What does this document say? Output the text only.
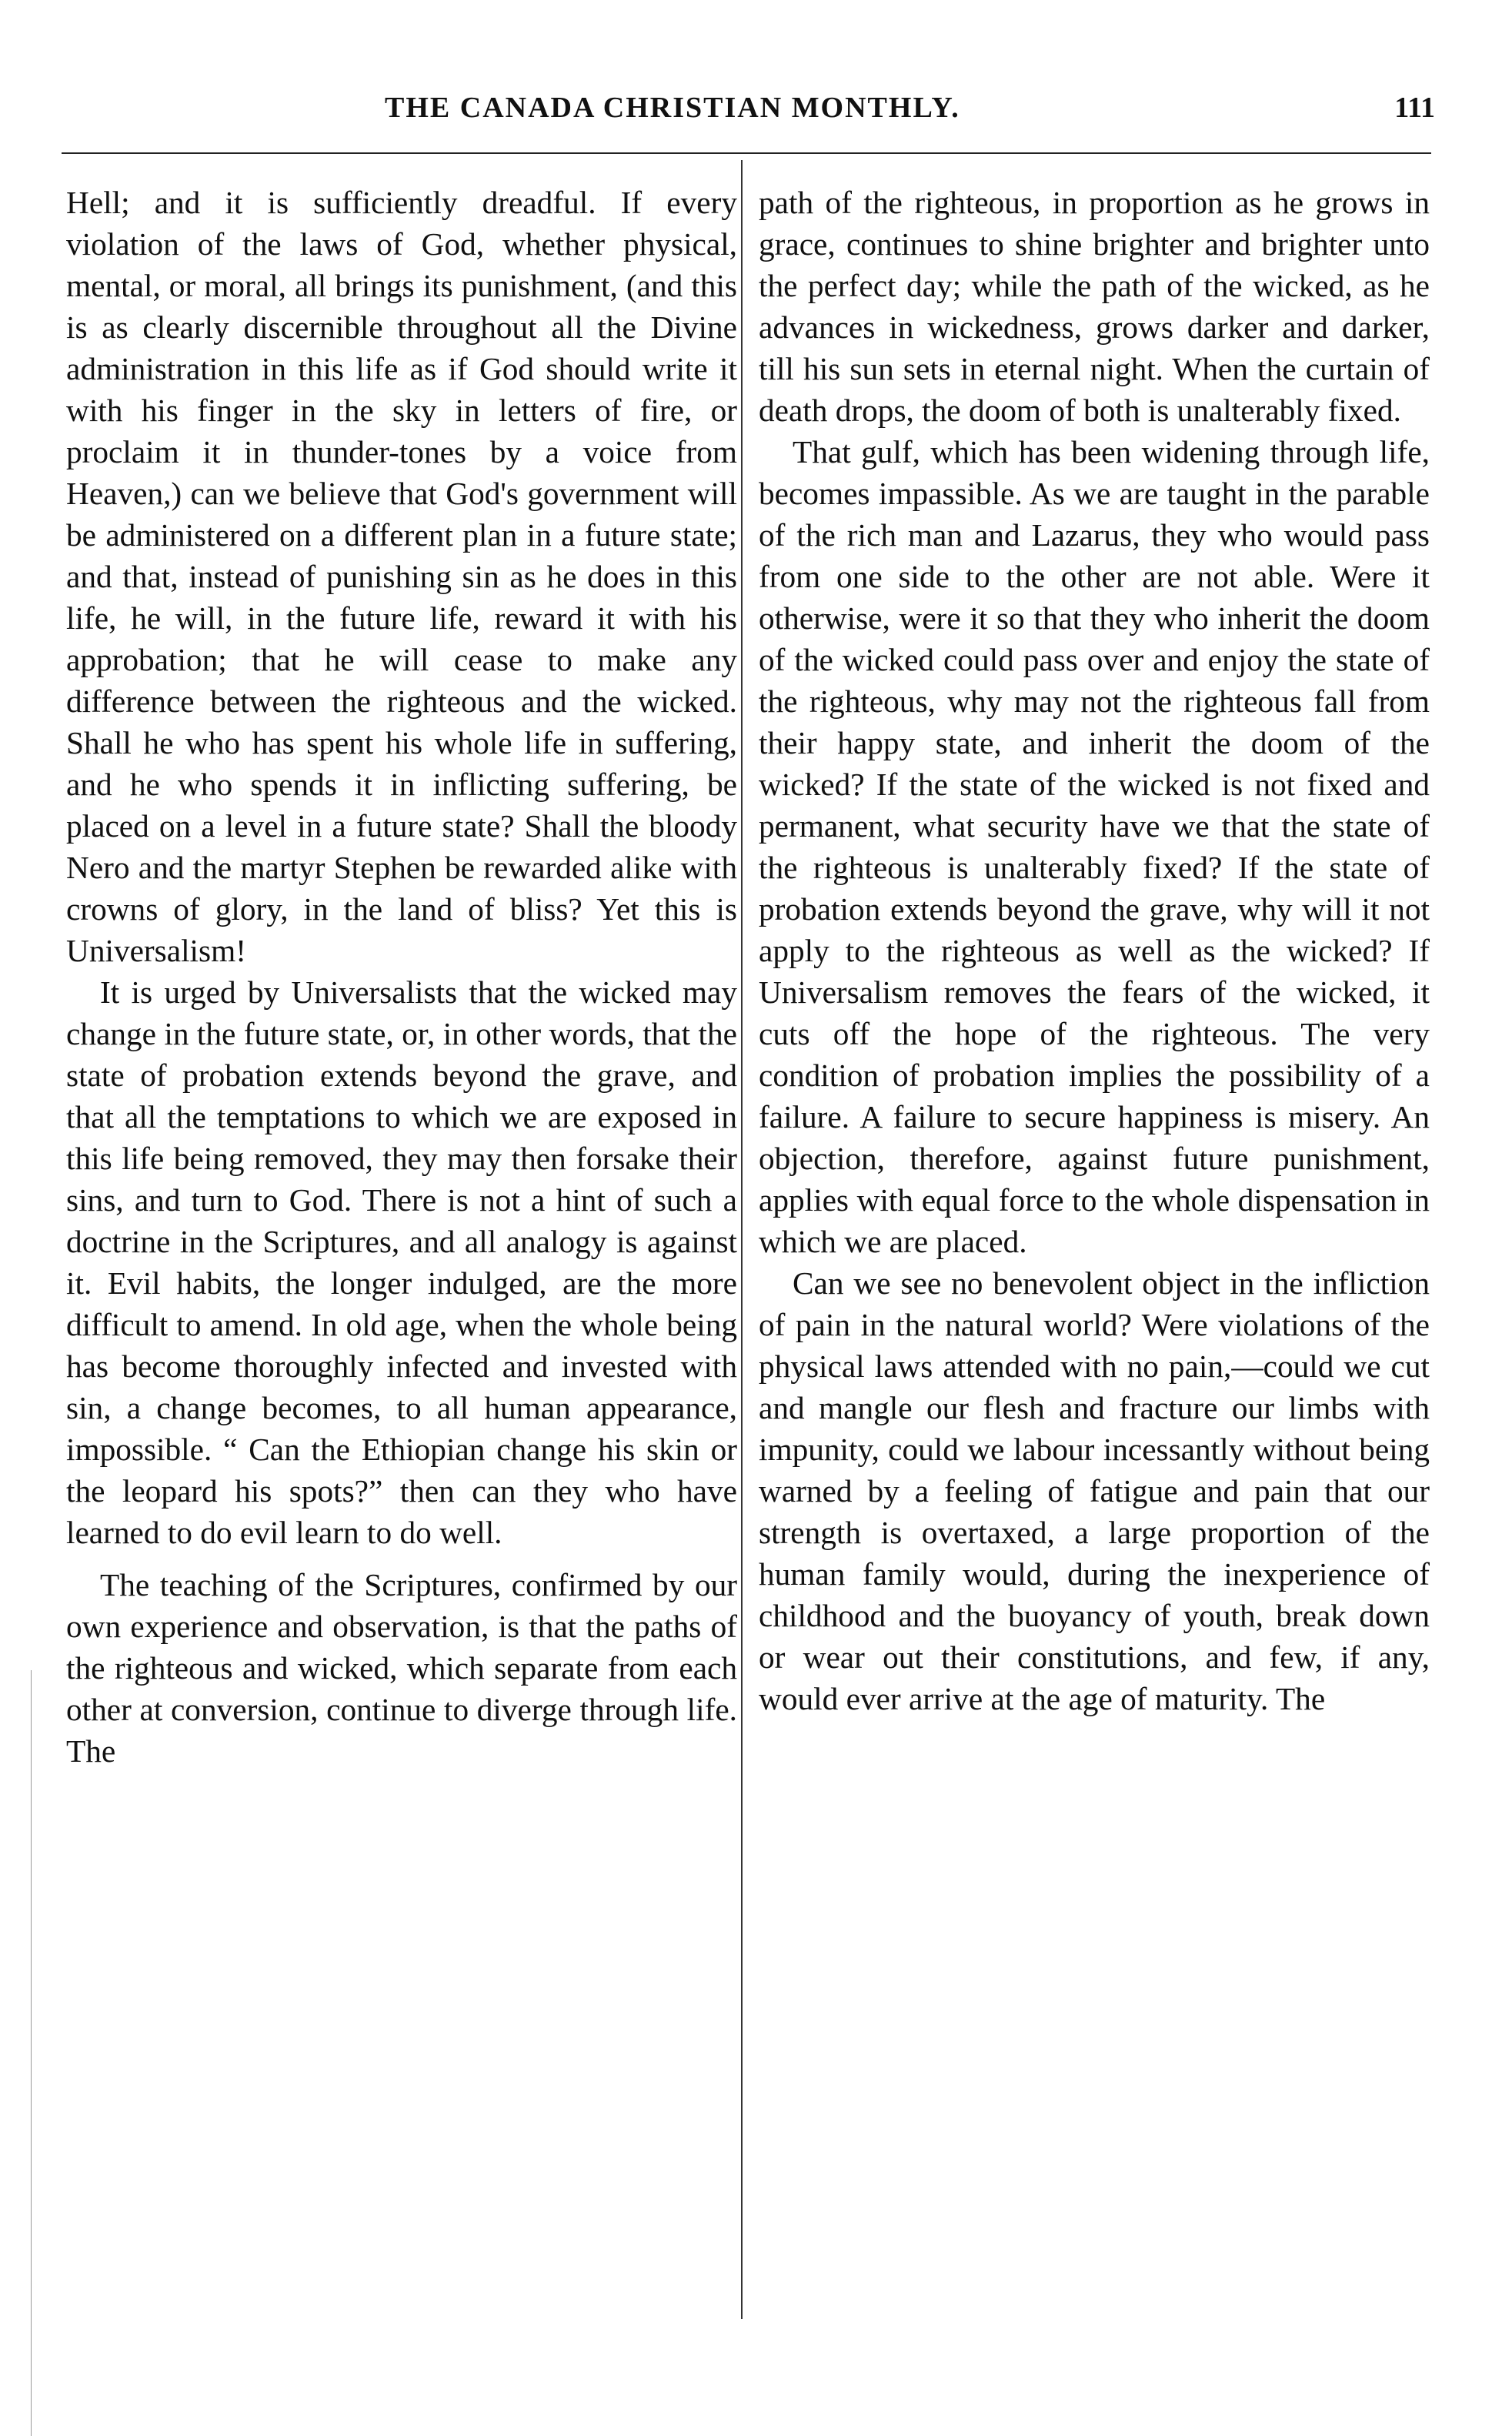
THE CANADA CHRISTIAN MONTHLY.	111

Hell; and it is sufficiently dreadful. If every violation of the laws of God, whether physical, mental, or moral, all brings its punishment, (and this is as clearly discernible throughout all the Divine administration in this life as if God should write it with his finger in the sky in letters of fire, or proclaim it in thunder-tones by a voice from Heaven,) can we believe that God's government will be administered on a different plan in a future state; and that, instead of punishing sin as he does in this life, he will, in the future life, reward it with his approbation; that he will cease to make any difference between the righteous and the wicked. Shall he who has spent his whole life in suffering, and he who spends it in inflicting suffering, be placed on a level in a future state? Shall the bloody Nero and the martyr Stephen be rewarded alike with crowns of glory, in the land of bliss? Yet this is Universalism!

It is urged by Universalists that the wicked may change in the future state, or, in other words, that the state of probation extends beyond the grave, and that all the temptations to which we are exposed in this life being removed, they may then forsake their sins, and turn to God. There is not a hint of such a doctrine in the Scriptures, and all analogy is against it. Evil habits, the longer indulged, are the more difficult to amend. In old age, when the whole being has become thoroughly infected and invested with sin, a change becomes, to all human appearance, impossible. “ Can the Ethiopian change his skin or the leopard his spots?” then can they who have learned to do evil learn to do well.

The teaching of the Scriptures, confirmed by our own experience and observation, is that the paths of the righteous and wicked, which separate from each other at conversion, continue to diverge through life. The

path of the righteous, in proportion as he grows in grace, continues to shine brighter and brighter unto the perfect day; while the path of the wicked, as he advances in wickedness, grows darker and darker, till his sun sets in eternal night. When the curtain of death drops, the doom of both is unalterably fixed.

That gulf, which has been widening through life, becomes impassible. As we are taught in the parable of the rich man and Lazarus, they who would pass from one side to the other are not able. Were it otherwise, were it so that they who inherit the doom of the wicked could pass over and enjoy the state of the righteous, why may not the righteous fall from their happy state, and inherit the doom of the wicked? If the state of the wicked is not fixed and permanent, what security have we that the state of the righteous is unalterably fixed? If the state of probation extends beyond the grave, why will it not apply to the righteous as well as the wicked? If Universalism removes the fears of the wicked, it cuts off the hope of the righteous. The very condition of probation implies the possibility of a failure. A failure to secure happiness is misery. An objection, therefore, against future punishment, applies with equal force to the whole dispensation in which we are placed.

Can we see no benevolent object in the infliction of pain in the natural world? Were violations of the physical laws attended with no pain,—could we cut and mangle our flesh and fracture our limbs with impunity, could we labour incessantly without being warned by a feeling of fatigue and pain that our strength is overtaxed, a large proportion of the human family would, during the inexperience of childhood and the buoyancy of youth, break down or wear out their constitutions, and few, if any, would ever arrive at the age of maturity. The
